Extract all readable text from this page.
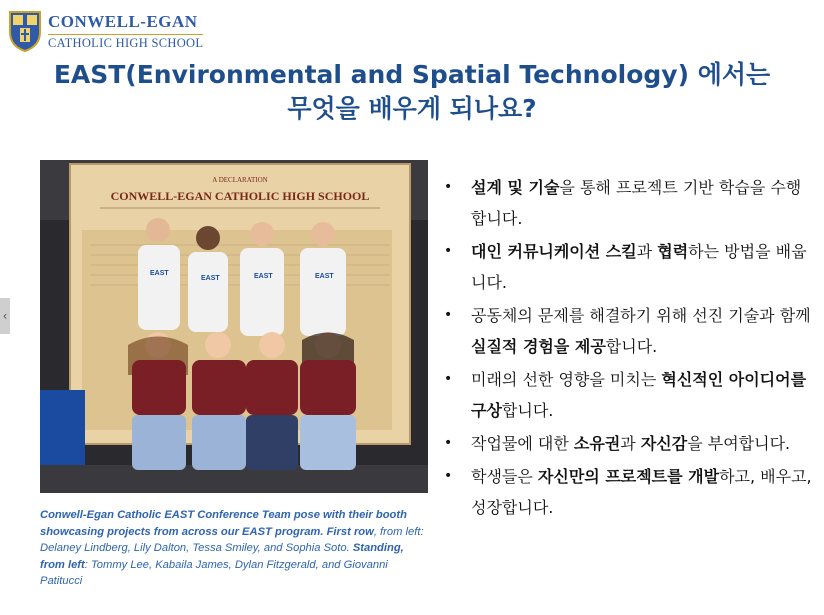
CONWELL-EGAN
CATHOLIC HIGH SCHOOL
EAST(Environmental and Spatial Technology) 에서는
무엇을 배우게 되나요?
A DECLARATION
CONWELL-EGAN CATHOLIC HIGH SCHOOL
EAST
EAST	EAST	EAST
Conwell-Egan Catholic EAST Conference Team pose with their booth showcasing projects from across our EAST program. First row, from left: Delaney Lindberg, Lily Dalton, Tessa Smiley, and Sophia Soto. Standing, from left: Tommy Lee, Kabaila James, Dylan Fitzgerald, and Giovanni Patitucci
• 설계 및 기술을 통해 프로젝트 기반 학습을 수행 합니다.
• 대인 커뮤니케이션 스킬과 협력하는 방법을 배웁니다.
• 공동체의 문제를 해결하기 위해 선진 기술과 함께 실질적 경험을 제공합니다.
• 미래의 선한 영향을 미치는 혁신적인 아이디어를 구상합니다.
• 작업물에 대한 소유권과 자신감을 부여합니다.
• 학생들은 자신만의 프로젝트를 개발하고, 배우고, 성장합니다.
‹
